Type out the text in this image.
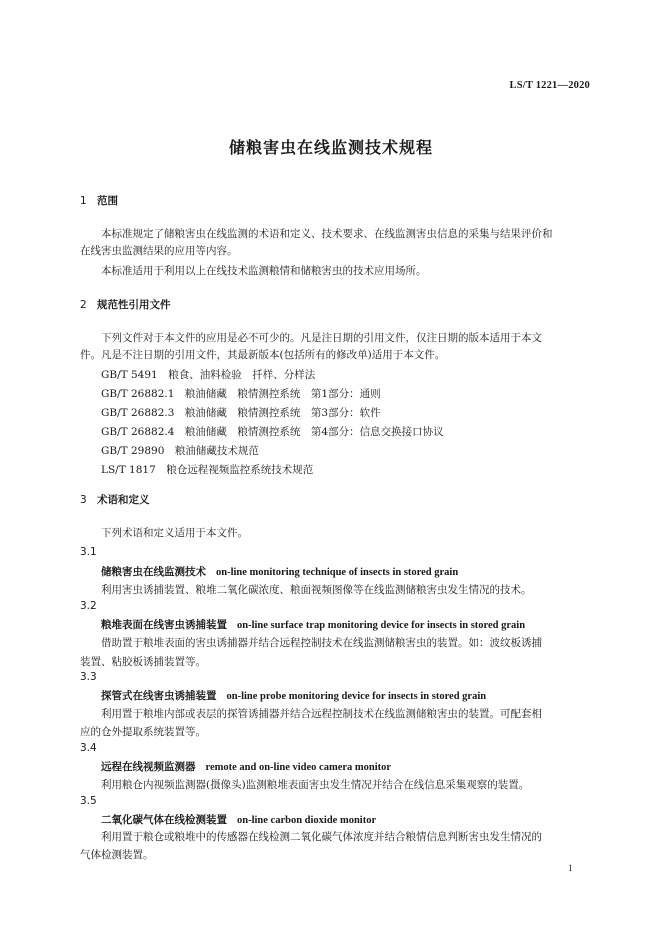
LS/T 1221—2020
储粮害虫在线监测技术规程
1 范围
本标准规定了储粮害虫在线监测的术语和定义、技术要求、在线监测害虫信息的采集与结果评价和
在线害虫监测结果的应用等内容。
本标准适用于利用以上在线技术监测粮情和储粮害虫的技术应用场所。
2 规范性引用文件
下列文件对于本文件的应用是必不可少的。凡是注日期的引用文件，仅注日期的版本适用于本文
件。凡是不注日期的引用文件，其最新版本(包括所有的修改单)适用于本文件。
GB/T 5491　粮食、油料检验　扦样、分样法
GB/T 26882.1　粮油储藏　粮情测控系统　第1部分：通则
GB/T 26882.3　粮油储藏　粮情测控系统　第3部分：软件
GB/T 26882.4　粮油储藏　粮情测控系统　第4部分：信息交换接口协议
GB/T 29890　粮油储藏技术规范
LS/T 1817　粮仓远程视频监控系统技术规范
3 术语和定义
下列术语和定义适用于本文件。
3.1
储粮害虫在线监测技术 on-line monitoring technique of insects in stored grain
利用害虫诱捕装置、粮堆二氧化碳浓度、粮面视频图像等在线监测储粮害虫发生情况的技术。
3.2
粮堆表面在线害虫诱捕装置 on-line surface trap monitoring device for insects in stored grain
借助置于粮堆表面的害虫诱捕器并结合远程控制技术在线监测储粮害虫的装置。如：波纹板诱捕
装置、粘胶板诱捕装置等。
3.3
探管式在线害虫诱捕装置 on-line probe monitoring device for insects in stored grain
利用置于粮堆内部或表层的探管诱捕器并结合远程控制技术在线监测储粮害虫的装置。可配套相
应的仓外提取系统装置等。
3.4
远程在线视频监测器 remote and on-line video camera monitor
利用粮仓内视频监测器(摄像头)监测粮堆表面害虫发生情况并结合在线信息采集观察的装置。
3.5
二氧化碳气体在线检测装置 on-line carbon dioxide monitor
利用置于粮仓或粮堆中的传感器在线检测二氧化碳气体浓度并结合粮情信息判断害虫发生情况的
气体检测装置。
1
